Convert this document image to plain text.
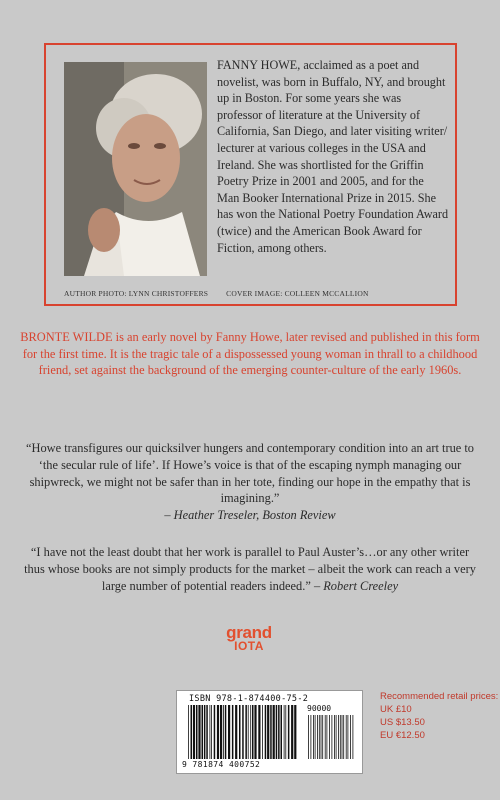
FANNY HOWE, acclaimed as a poet and novelist, was born in Buffalo, NY, and brought up in Boston. For some years she was professor of literature at the University of California, San Diego, and later visiting writer/ lecturer at various colleges in the USA and Ireland. She was shortlisted for the Griffin Poetry Prize in 2001 and 2005, and for the Man Booker International Prize in 2015. She has won the National Poetry Foundation Award (twice) and the American Book Award for Fiction, among others.
AUTHOR PHOTO: LYNN CHRISTOFFERS COVER IMAGE: COLLEEN MCCALLION
BRONTE WILDE is an early novel by Fanny Howe, later revised and published in this form for the first time. It is the tragic tale of a dispossessed young woman in thrall to a childhood friend, set against the background of the emerging counter-culture of the early 1960s.
“Howe transfigures our quicksilver hungers and contemporary condition into an art true to ‘the secular rule of life’. If Howe’s voice is that of the escaping nymph managing our shipwreck, we might not be safer than in her tote, finding our hope in the empathy that is imagining.”
– Heather Treseler, Boston Review
“I have not the least doubt that her work is parallel to Paul Auster’s…or any other writer thus whose books are not simply products for the market – albeit the work can reach a very large number of potential readers indeed.” – Robert Creeley
grand
IOTA
ISBN 978-1-874400-75-2
90000
9 781874 400752
Recommended retail prices:
UK £10
US $13.50
EU €12.50
